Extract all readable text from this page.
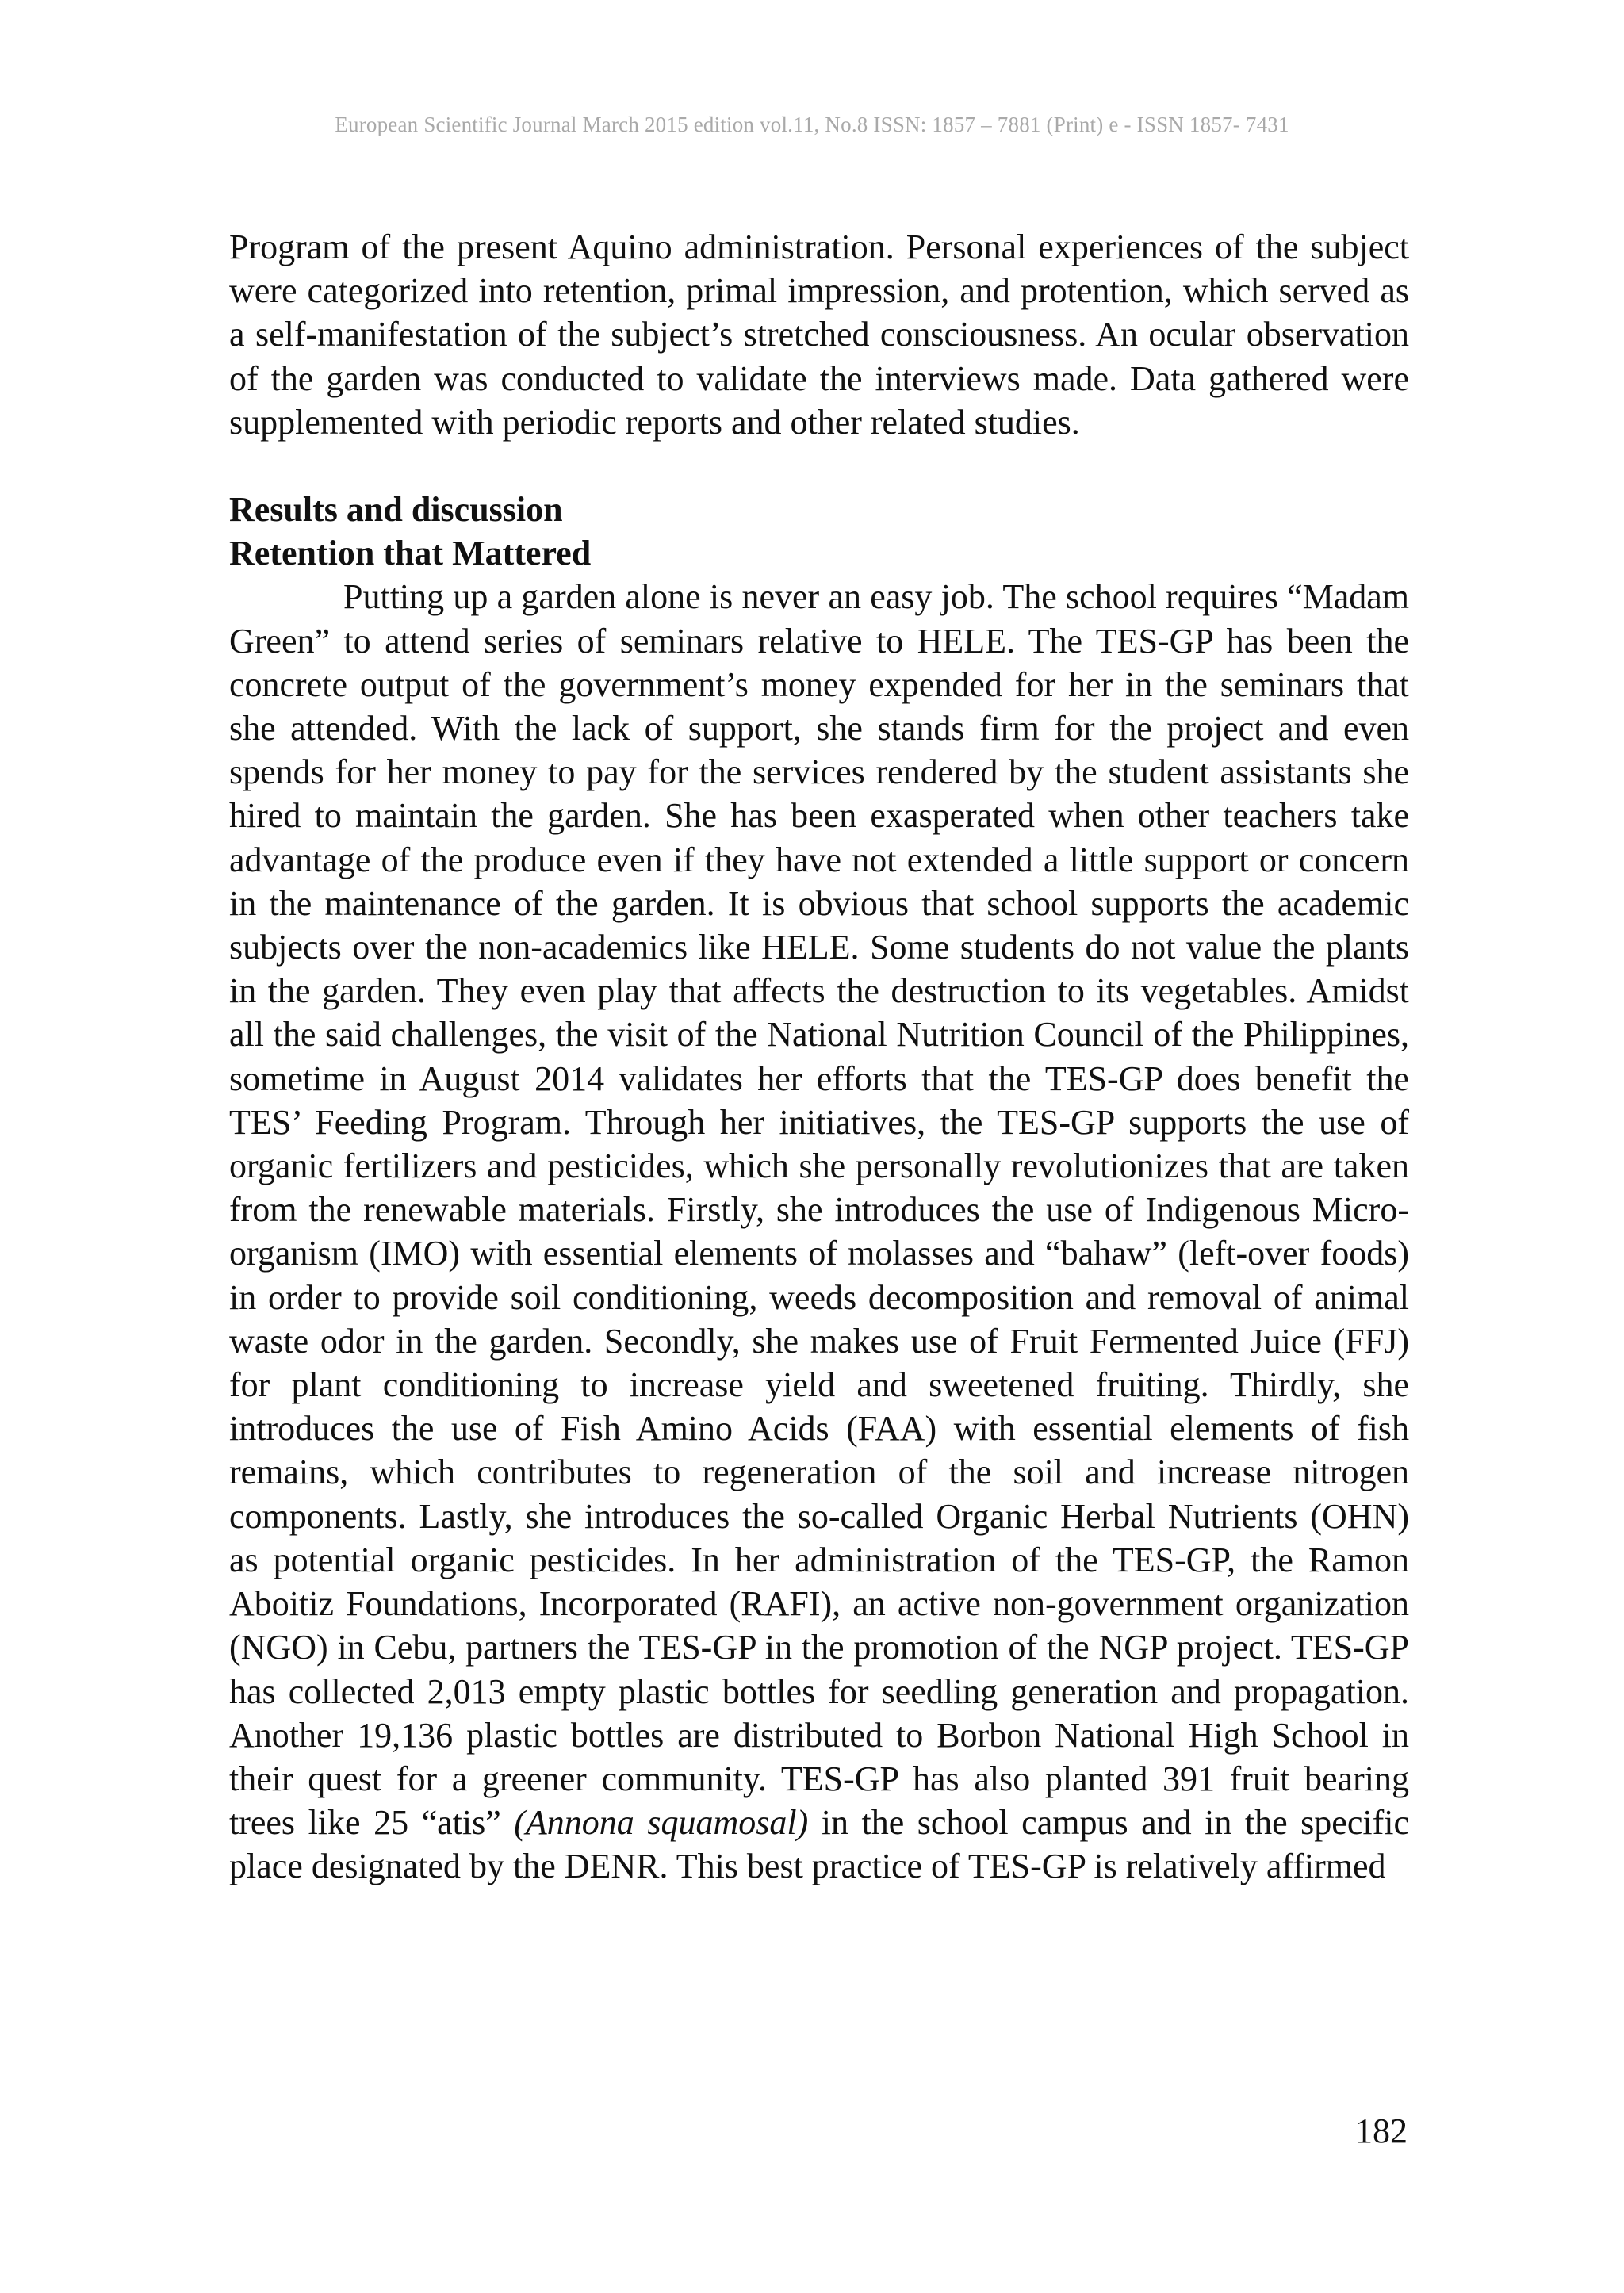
European Scientific Journal March 2015 edition vol.11, No.8 ISSN: 1857 – 7881 (Print) e - ISSN 1857- 7431

Program of the present Aquino administration. Personal experiences of the subject were categorized into retention, primal impression, and protention, which served as a self-manifestation of the subject’s stretched consciousness. An ocular observation of the garden was conducted to validate the interviews made. Data gathered were supplemented with periodic reports and other related studies.

Results and discussion

Retention that Mattered

Putting up a garden alone is never an easy job. The school requires “Madam Green” to attend series of seminars relative to HELE. The TES-GP has been the concrete output of the government’s money expended for her in the seminars that she attended. With the lack of support, she stands firm for the project and even spends for her money to pay for the services rendered by the student assistants she hired to maintain the garden. She has been exasperated when other teachers take advantage of the produce even if they have not extended a little support or concern in the maintenance of the garden. It is obvious that school supports the academic subjects over the non-academics like HELE. Some students do not value the plants in the garden. They even play that affects the destruction to its vegetables. Amidst all the said challenges, the visit of the National Nutrition Council of the Philippines, sometime in August 2014 validates her efforts that the TES-GP does benefit the TES’ Feeding Program. Through her initiatives, the TES-GP supports the use of organic fertilizers and pesticides, which she personally revolutionizes that are taken from the renewable materials. Firstly, she introduces the use of Indigenous Micro-organism (IMO) with essential elements of molasses and “bahaw” (left-over foods) in order to provide soil conditioning, weeds decomposition and removal of animal waste odor in the garden. Secondly, she makes use of Fruit Fermented Juice (FFJ) for plant conditioning to increase yield and sweetened fruiting. Thirdly, she introduces the use of Fish Amino Acids (FAA) with essential elements of fish remains, which contributes to regeneration of the soil and increase nitrogen components. Lastly, she introduces the so-called Organic Herbal Nutrients (OHN) as potential organic pesticides. In her administration of the TES-GP, the Ramon Aboitiz Foundations, Incorporated (RAFI), an active non-government organization (NGO) in Cebu, partners the TES-GP in the promotion of the NGP project. TES-GP has collected 2,013 empty plastic bottles for seedling generation and propagation. Another 19,136 plastic bottles are distributed to Borbon National High School in their quest for a greener community. TES-GP has also planted 391 fruit bearing trees like 25 “atis” (Annona squamosal) in the school campus and in the specific place designated by the DENR. This best practice of TES-GP is relatively affirmed

182
